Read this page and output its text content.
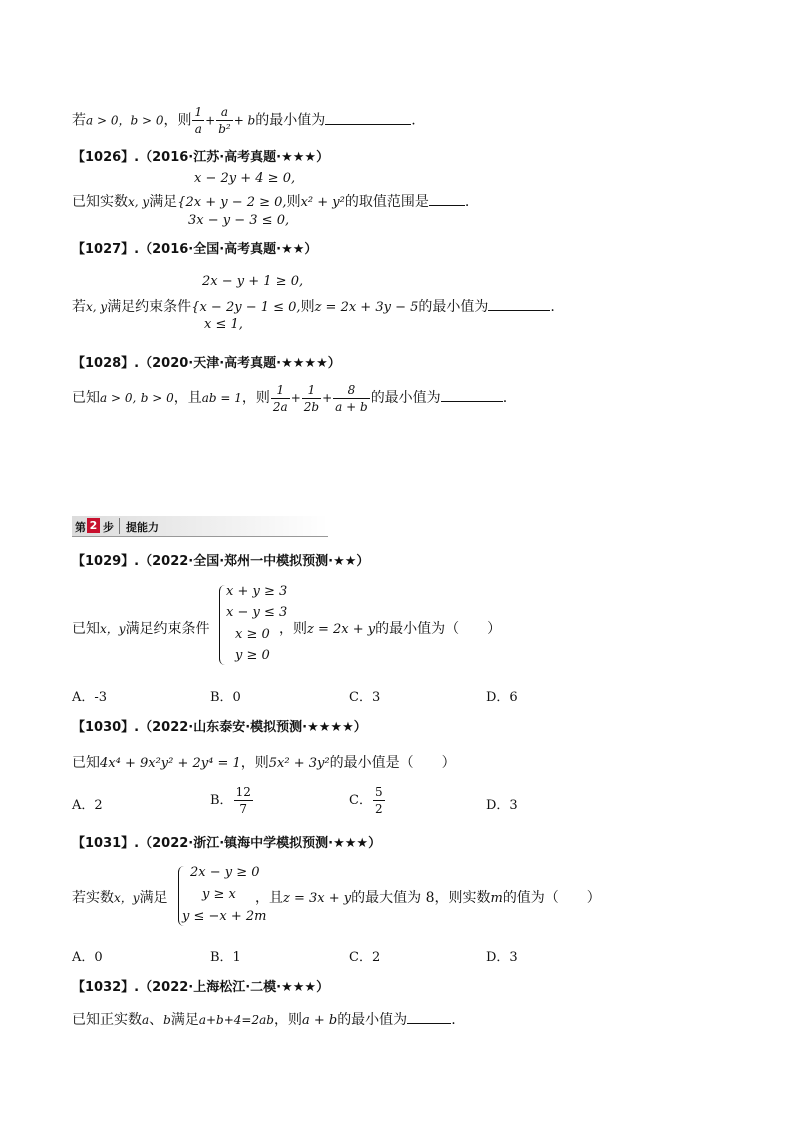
若a > 0，b > 0，则 $\frac{1}{a} + \frac{a}{\text{b²}} + b$的最小值为	.
【1026】.（2016·江苏·高考真题·★★★）
x − 2y + 4 ≥ 0,
已知实数x, y满足{2x + y − 2 ≥ 0,则x² + y²的取值范围是	.
3x − y − 3 ≤ 0,
【1027】.（2016·全国·高考真题·★★）
2x − y + 1 ≥ 0,
若x, y满足约束条件{x − 2y − 1 ≤ 0,则z = 2x + 3y − 5的最小值为	.
x ≤ 1,
【1028】.（2020·天津·高考真题·★★★★）
已知a > 0, b > 0，且ab = 1，则 $\frac{1}{2a} + \frac{1}{2b} + \frac{8}{a + b}$ 的最小值为	.
第 2 步 提能力
【1029】.（2022·全国·郑州一中模拟预测·★★）
x + y ≥ 3
x − y ≤ 3
x ≥ 0
y ≥ 0
已知x，y满足约束条件	，则z = 2x + y的最小值为（　　）
A．-3	B．0	C．3	D．6
【1030】.（2022·山东泰安·模拟预测·★★★★）
已知4x⁴ + 9x²y² + 2y⁴ = 1，则5x² + 3y²的最小值是（　　）
A．2	B． $\frac{12}{7}$	C． $\frac{5}{2}$	D．3
【1031】.（2022·浙江·镇海中学模拟预测·★★★）
2x − y ≥ 0
y ≥ x
y ≤ −x + 2m
若实数x，y满足	，且z = 3x + y的最大值为 8，则实数m的值为（　　）
A．0	B．1	C．2	D．3
【1032】.（2022·上海松江·二模·★★★）
已知正实数a、b满足a+b+4=2ab，则a + b的最小值为	.
